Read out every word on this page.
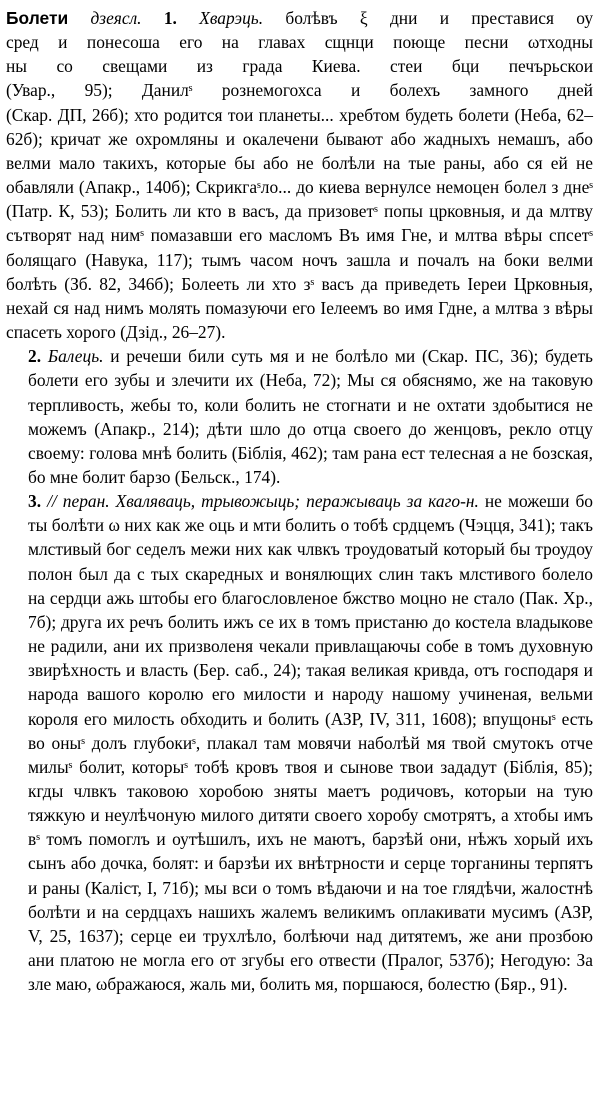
Болети дзеясл. 1. Хварэць. болѣвъ ξ дни и преставися оу
сред и понесоша его на главах сщнци поюще песни ωтходны
ны со свещами из града Киева. стеи бци печърьскои
(Увар., 95); Данилˢ рознемогохса и болехъ замного дней
(Скар. ДП, 26б); хто родится тои планеты... хребтом будеть болети (Неба, 62–62б); кричат же охромляны и окалечени бывают або жадныхъ немашъ, або велми мало такихъ, которые бы або не болѣли на тые раны, або ся ей не обавляли (Апакр., 140б); Скрикгаˢло... до киева вернулсе немоцен болел з днеˢ (Патр. К, 53); Болить ли кто в васъ, да призоветˢ попы црковныя, и да млтву сътворят над нимˢ помазавши его масломъ Въ имя Гне, и млтва вѣры спсетˢ болящаго (Навука, 117); тымъ часом ночъ зашла и почалъ на боки велми болѣть (Зб. 82, 346б); Болееть ли хто зˢ васъ да приведеть Іереи Црковныя, нехай ся над нимъ молять помазуючи его Іелеемъ во имя Гдне, а млтва з вѣры спасеть хорого (Дзід., 26–27).
2. Балець. и речеши били суть мя и не болѣло ми (Скар. ПС, 36); будеть болети его зубы и злечити их (Неба, 72); Мы ся обяснямо, же на таковую терпливость, жебы то, коли болить не стогнати и не охтати здобытися не можемъ (Апакр., 214); дѣти шло до отца своего до женцовъ, рекло отцу своему: голова мнѣ болить (Біблія, 462); там рана ест телесная а не бозская, бо мне болит барзо (Бельск., 174).
3. // перан. Хваляваць, трывожыць; перажываць за каго-н. не можеши бо ты болѣти ω них как же оць и мти болить о тобѣ срдцемъ (Чэцця, 341); такъ млстивый бог седелъ межи них как члвкъ троудоватый который бы троудоу полон был да с тых скаредных и вонялющих слин такъ млстивого болело на сердци ажь штобы его благословленое бжство моцно не стало (Пак. Хр., 7б); друга их речъ болить ижъ се их в томъ пристаню до костела владыкове не радили, ани их призволеня чекали привлащаючы собе в томъ духовную звирѣхность и власть (Бер. саб., 24); такая великая кривда, отъ господаря и народа вашого королю его милости и народу нашому учиненая, вельми короля его милость обходить и болить (АЗР, IV, 311, 1608); впущоныˢ есть во оныˢ долъ глубокиˢ, плакал там мовячи наболѣй мя твой смутокъ отче милыˢ болит, которыˢ тобѣ кровъ твоя и сынове твои зададут (Біблія, 85); кгды члвкъ таковою хоробою зняты маетъ родичовъ, которыи на тую тяжкую и неулѣчоную милого дитяти своего хоробу смотрятъ, а хтобы имъ вˢ томъ помоглъ и оутѣшилъ, ихъ не маютъ, барзѣй они, нѣжъ хорый ихъ сынъ або дочка, болят: и барзѣи их внѣтрности и серце торганины терпятъ и раны (Каліст, І, 71б); мы вси о томъ вѣдаючи и на тое глядѣчи, жалостнѣ болѣти и на сердцахъ нашихъ жалемъ великимъ оплакивати мусимъ (АЗР, V, 25, 1637); серце еи трухлѣло, болѣючи над дитятемъ, же ани прозбою ани платою не могла его от згубы его отвести (Пралог, 537б); Негодую: За зле маю, ωбражаюся, жаль ми, болить мя, поршаюся, болестю (Бяр., 91).
